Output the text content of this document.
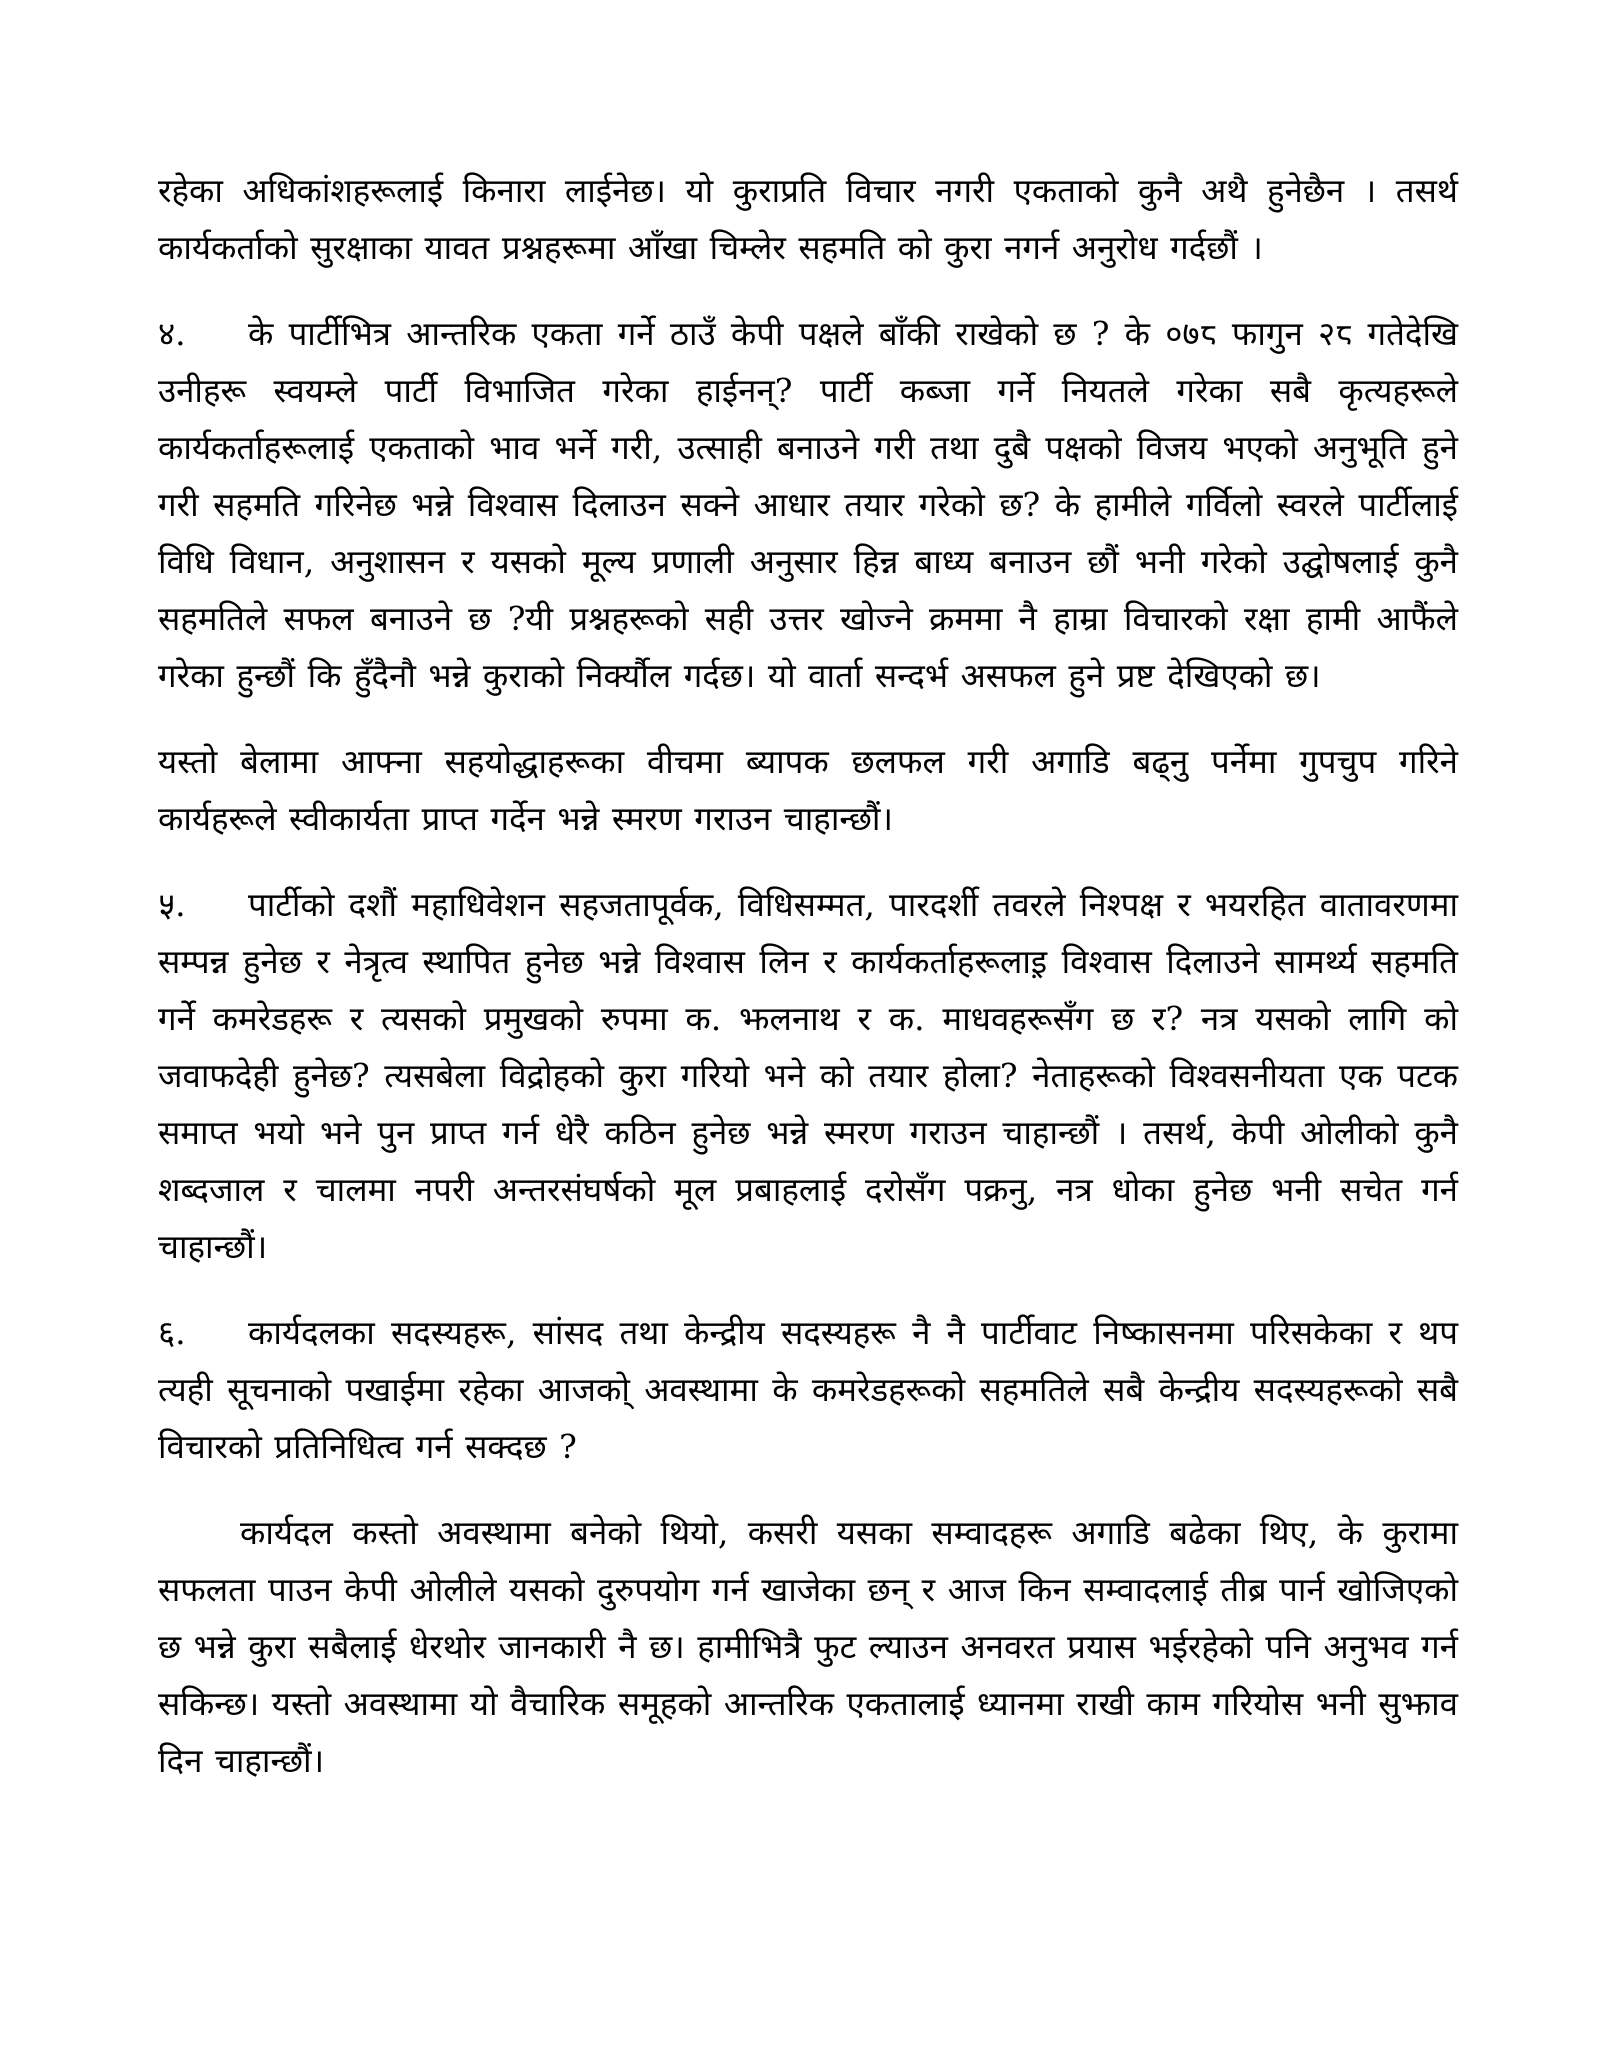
रहेका अधिकांशहरूलाई किनारा लाईनेछ। यो कुराप्रति विचार नगरी एकताको कुनै अथै हुनेछैन । तसर्थ कार्यकर्ताको सुरक्षाका यावत प्रश्नहरूमा आँखा चिम्लेर सहमति को कुरा नगर्न अनुरोध गर्दछौं ।

४. के पार्टीभित्र आन्तरिक एकता गर्ने ठाउँ केपी पक्षले बाँकी राखेको छ ? के ०७८ फागुन २८ गतेदेखि उनीहरू स्वयम्ले पार्टी विभाजित गरेका हाईनन्? पार्टी कब्जा गर्ने नियतले गरेका सबै कृत्यहरूले कार्यकर्ताहरूलाई एकताको भाव भर्ने गरी, उत्साही बनाउने गरी तथा दुबै पक्षको विजय भएको अनुभूति हुने गरी सहमति गरिनेछ भन्ने विश्वास दिलाउन सक्ने आधार तयार गरेको छ? के हामीले गर्विलो स्वरले पार्टीलाई विधि विधान, अनुशासन र यसको मूल्य प्रणाली अनुसार हिन्न बाध्य बनाउन छौं भनी गरेको उद्घोषलाई कुनै सहमतिले सफल बनाउने छ ?यी प्रश्नहरूको सही उत्तर खोज्ने क्रममा नै हाम्रा विचारको रक्षा हामी आफैंले गरेका हुन्छौं कि हुँदैनौ भन्ने कुराको निर्क्यौल गर्दछ। यो वार्ता सन्दर्भ असफल हुने प्रष्ट देखिएको छ।

यस्तो बेलामा आफ्ना सहयोद्धाहरूका वीचमा ब्यापक छलफल गरी अगाडि बढ्नु पर्नेमा गुपचुप गरिने कार्यहरूले स्वीकार्यता प्राप्त गर्देन भन्ने स्मरण गराउन चाहान्छौं।

५. पार्टीको दशौं महाधिवेशन सहजतापूर्वक, विधिसम्मत, पारदर्शी तवरले निश्पक्ष र भयरहित वातावरणमा सम्पन्न हुनेछ र नेत्रृत्व स्थापित हुनेछ भन्ने विश्वास लिन र कार्यकर्ताहरूलाइ़ विश्वास दिलाउने सामर्थ्य सहमति गर्ने कमरेडहरू र त्यसको प्रमुखको रुपमा क. झलनाथ र क. माधवहरूसँग छ र? नत्र यसको लागि को जवाफदेही हुनेछ? त्यसबेला विद्रोहको कुरा गरियो भने को तयार होला? नेताहरूको विश्वसनीयता एक पटक समाप्त भयो भने पुन प्राप्त गर्न धेरै कठिन हुनेछ भन्ने स्मरण गराउन चाहान्छौं । तसर्थ, केपी ओलीको कुनै शब्दजाल र चालमा नपरी अन्तरसंघर्षको मूल प्रबाहलाई दरोसँग पक्रनु, नत्र धोका हुनेछ भनी सचेत गर्न चाहान्छौं।

६. कार्यदलका सदस्यहरू, सांसद तथा केन्द्रीय सदस्यहरू नै नै पार्टीवाट निष्कासनमा परिसकेका र थप त्यही सूचनाको पखाईमा रहेका आजको् अवस्थामा के कमरेडहरूको सहमतिले सबै केन्द्रीय सदस्यहरूको सबै विचारको प्रतिनिधित्व गर्न सक्दछ ?

कार्यदल कस्तो अवस्थामा बनेको थियो, कसरी यसका सम्वादहरू अगाडि बढेका थिए, के कुरामा सफलता पाउन केपी ओलीले यसको दुरुपयोग गर्न खाजेका छन् र आज किन सम्वादलाई तीब्र पार्न खोजिएको छ भन्ने कुरा सबैलाई धेरथोर जानकारी नै छ। हामीभित्रै फुट ल्याउन अनवरत प्रयास भईरहेको पनि अनुभव गर्न सकिन्छ। यस्तो अवस्थामा यो वैचारिक समूहको आन्तरिक एकतालाई ध्यानमा राखी काम गरियोस भनी सुझाव दिन चाहान्छौं।
